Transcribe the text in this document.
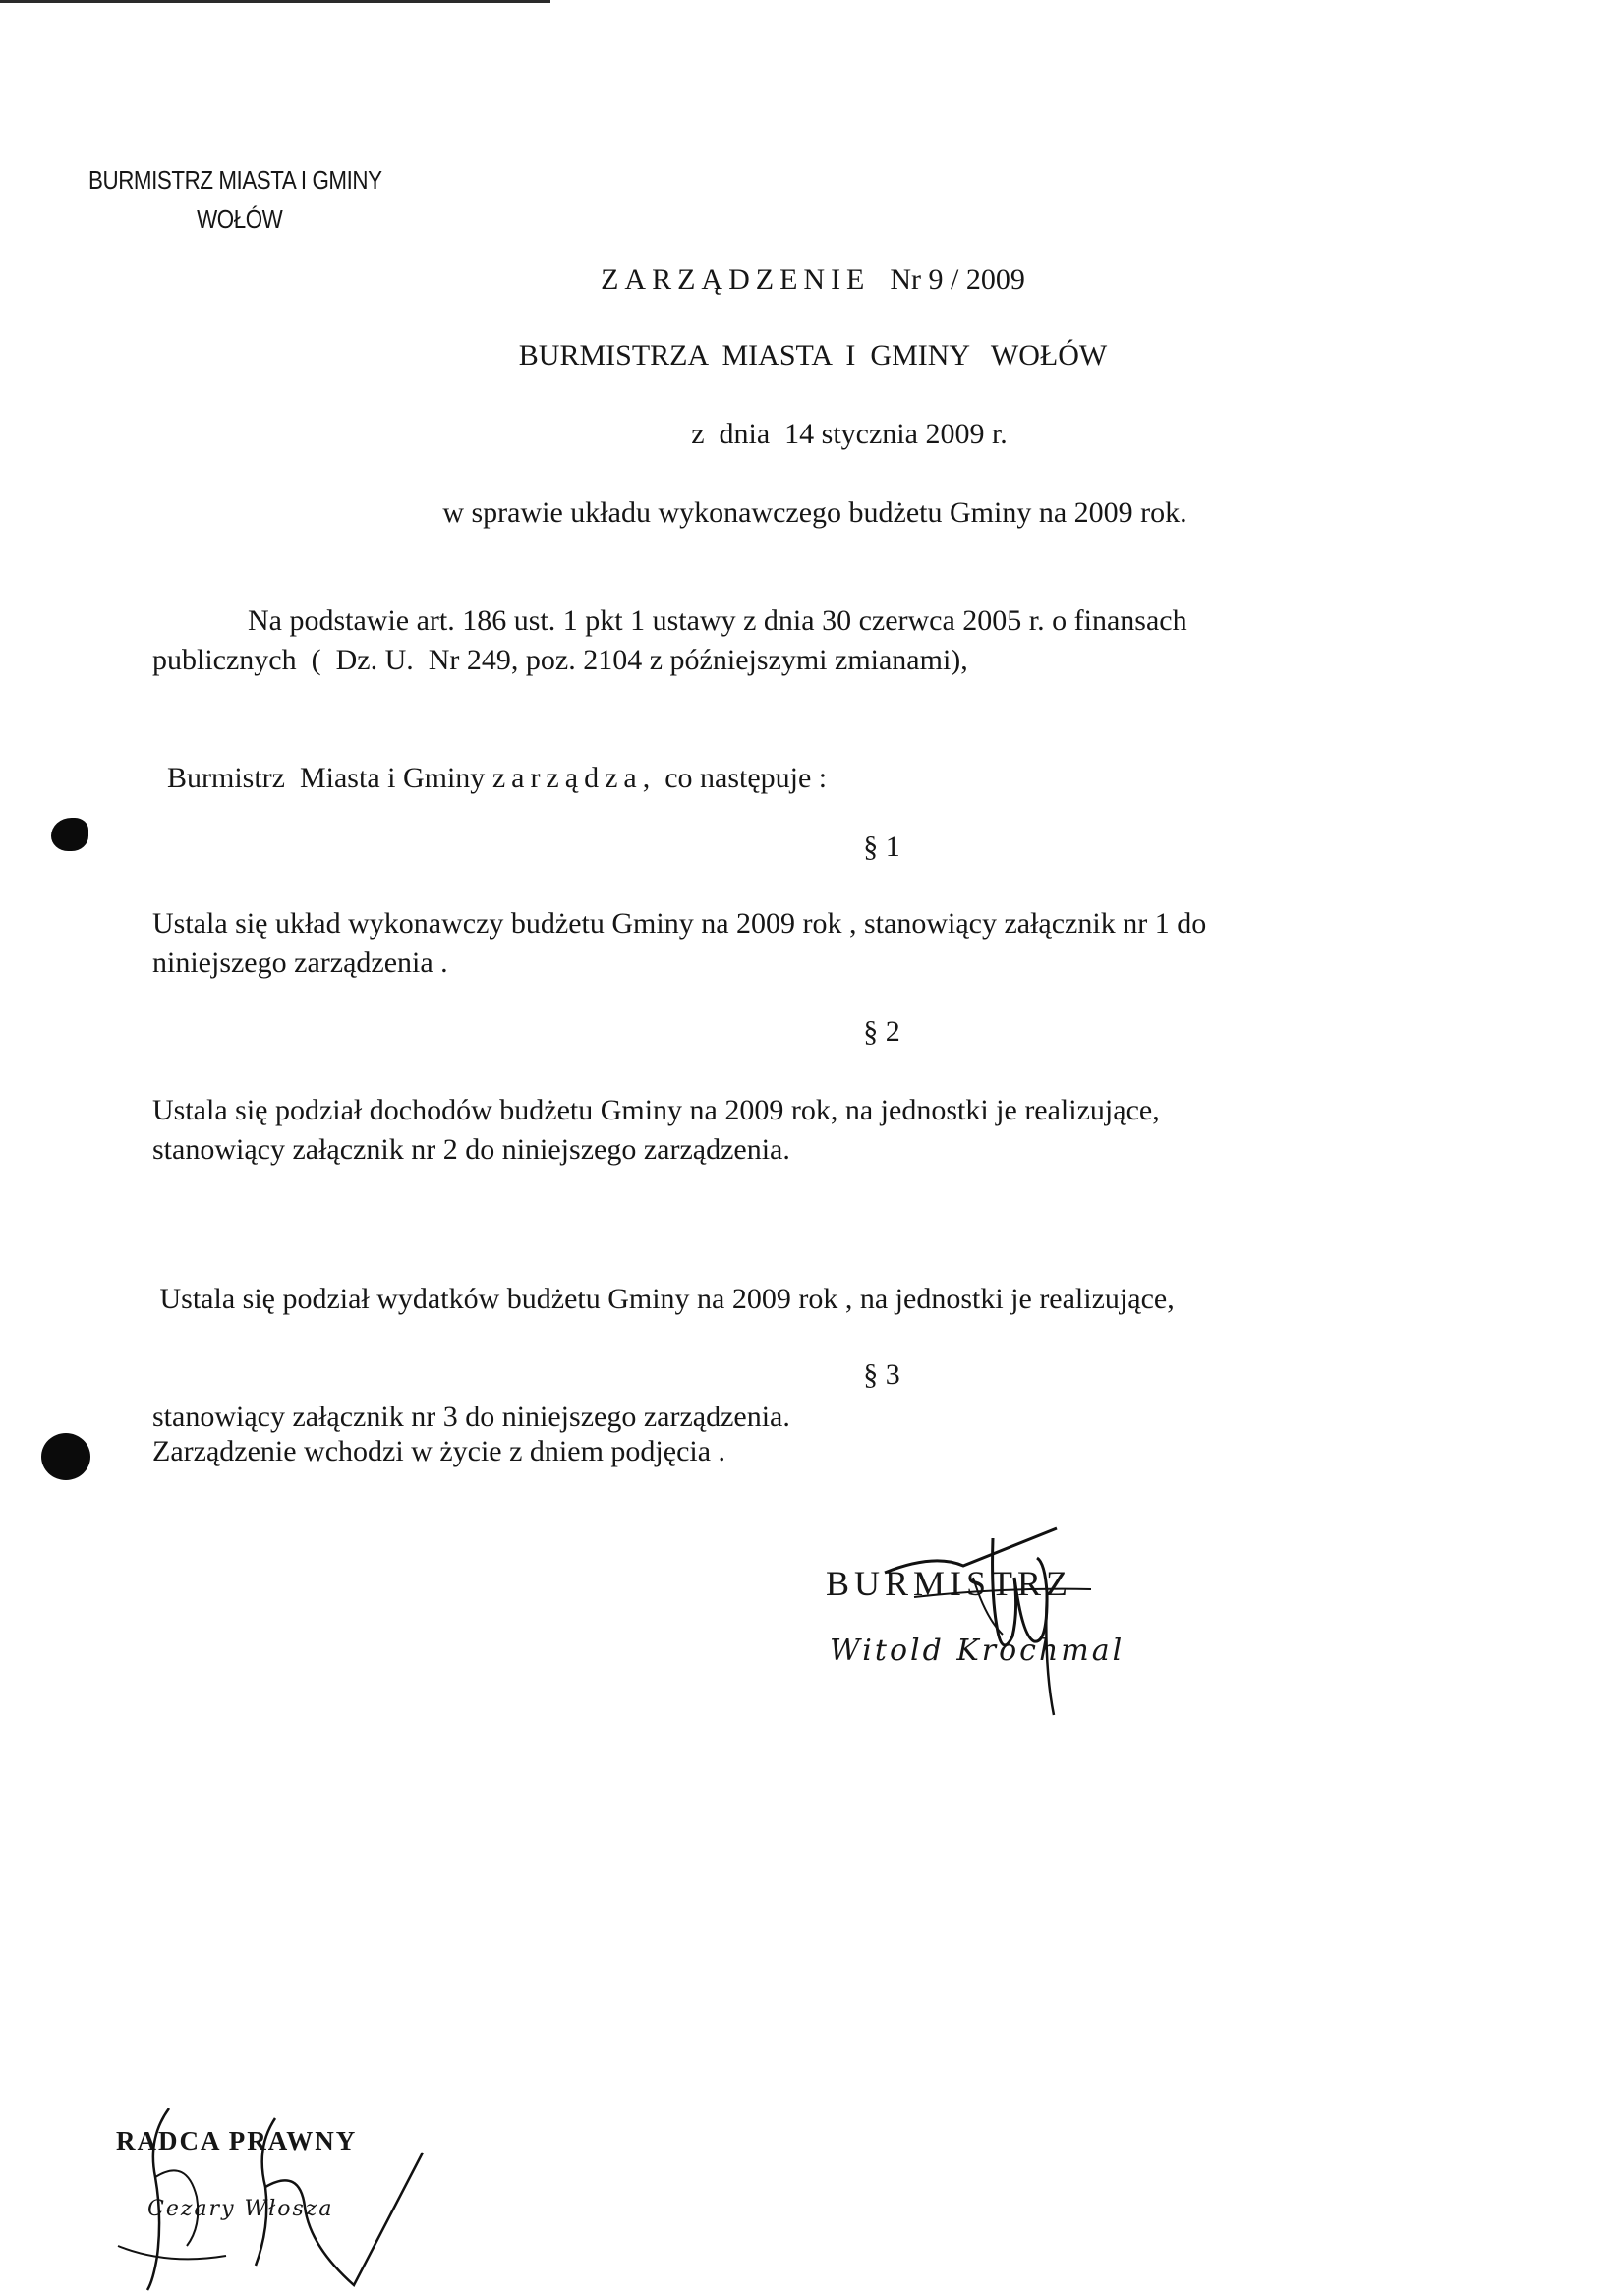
BURMISTRZ MIASTA I GMINY
WOŁÓW
ZARZĄDZENIE Nr 9 / 2009
BURMISTRZA  MIASTA  I  GMINY   WOŁÓW
z  dnia  14 stycznia 2009 r.
w sprawie układu wykonawczego budżetu Gminy na 2009 rok.
Na podstawie art. 186 ust. 1 pkt 1 ustawy z dnia 30 czerwca 2005 r. o finansach
publicznych  (  Dz. U.  Nr 249, poz. 2104 z późniejszymi zmianami),

Burmistrz  Miasta i Gminy zarządza,  co następuje :

§ 1
Ustala się układ wykonawczy budżetu Gminy na 2009 rok , stanowiący załącznik nr 1 do
niniejszego zarządzenia .
§ 2
Ustala się podział dochodów budżetu Gminy na 2009 rok, na jednostki je realizujące,
stanowiący załącznik nr 2 do niniejszego zarządzenia.

Ustala się podział wydatków budżetu Gminy na 2009 rok , na jednostki je realizujące,

stanowiący załącznik nr 3 do niniejszego zarządzenia.

§ 3
Zarządzenie wchodzi w życie z dniem podjęcia .
BURMISTRZ
Witold Krochmal
RADCA PRAWNY
Cezary Włosza
